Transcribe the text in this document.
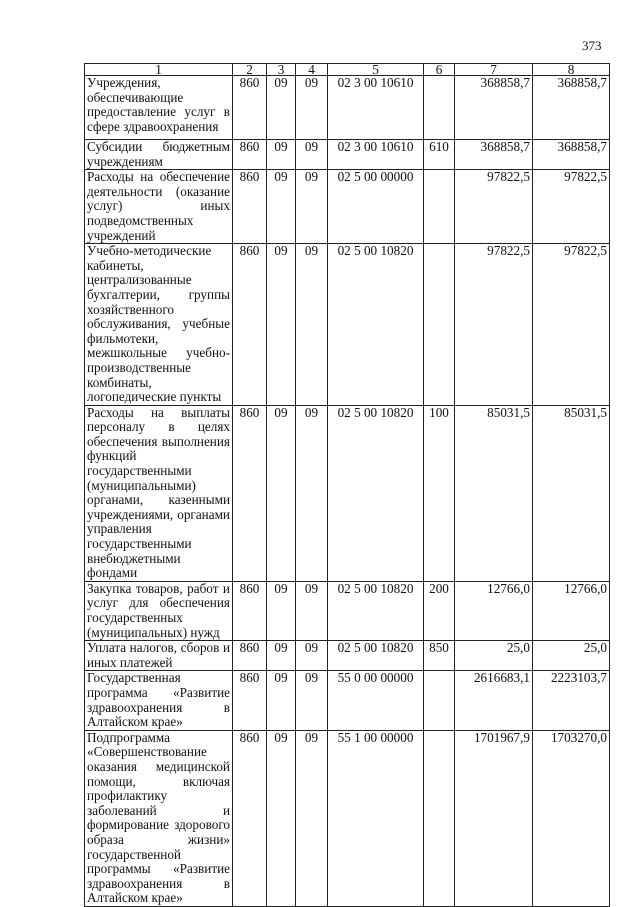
373
1	2	3	4	5	6	7	8
Учреждения, обеспечивающие предоставление услуг в сфере здравоохранения	860	09	09	02 3 00 10610		368858,7	368858,7
Субсидии бюджетным учреждениям	860	09	09	02 3 00 10610	610	368858,7	368858,7
Расходы на обеспечение деятельности (оказание услуг) иных подведомственных учреждений	860	09	09	02 5 00 00000		97822,5	97822,5
Учебно-методические кабинеты, централизованные бухгалтерии, группы хозяйственного обслуживания, учебные фильмотеки, межшкольные учебно-производственные комбинаты, логопедические пункты	860	09	09	02 5 00 10820		97822,5	97822,5
Расходы на выплаты персоналу в целях обеспечения выполнения функций государственными (муниципальными) органами, казенными учреждениями, органами управления государственными внебюджетными фондами	860	09	09	02 5 00 10820	100	85031,5	85031,5
Закупка товаров, работ и услуг для обеспечения государственных (муниципальных) нужд	860	09	09	02 5 00 10820	200	12766,0	12766,0
Уплата налогов, сборов и иных платежей	860	09	09	02 5 00 10820	850	25,0	25,0
Государственная программа «Развитие здравоохранения в Алтайском крае»	860	09	09	55 0 00 00000		2616683,1	2223103,7
Подпрограмма «Совершенствование оказания медицинской помощи, включая профилактику заболеваний и формирование здорового образа жизни» государственной программы «Развитие здравоохранения в Алтайском крае»	860	09	09	55 1 00 00000		1701967,9	1703270,0
